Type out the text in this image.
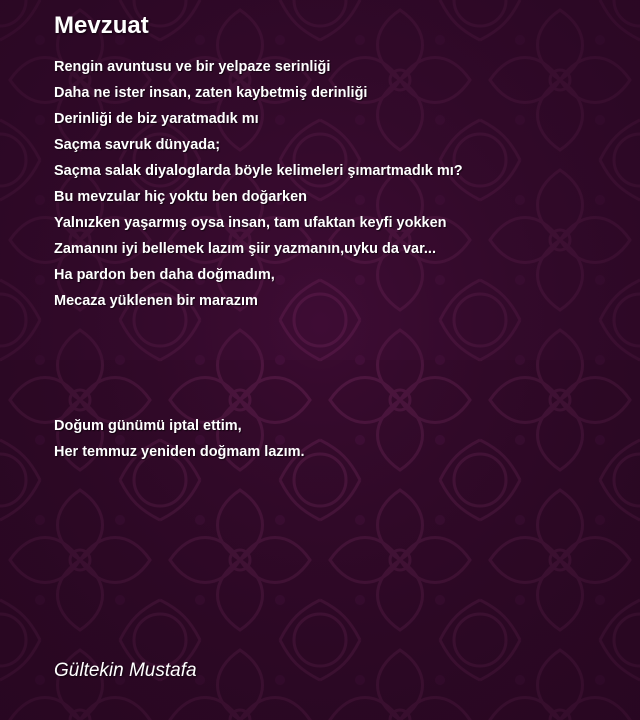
Mevzuat
Rengin avuntusu ve bir yelpaze serinliği
Daha ne ister insan, zaten kaybetmiş derinliği
Derinliği de biz yaratmadık mı
Saçma savruk dünyada;
Saçma salak diyaloglarda böyle kelimeleri şımartmadık mı?
Bu mevzular hiç yoktu ben doğarken
Yalnızken yaşarmış oysa insan, tam ufaktan keyfi yokken
Zamanını iyi bellemek lazım şiir yazmanın,uyku da var...
Ha pardon ben daha doğmadım,
Mecaza yüklenen bir marazım
Doğum günümü iptal ettim,
Her temmuz yeniden doğmam lazım.

Gültekin Mustafa
